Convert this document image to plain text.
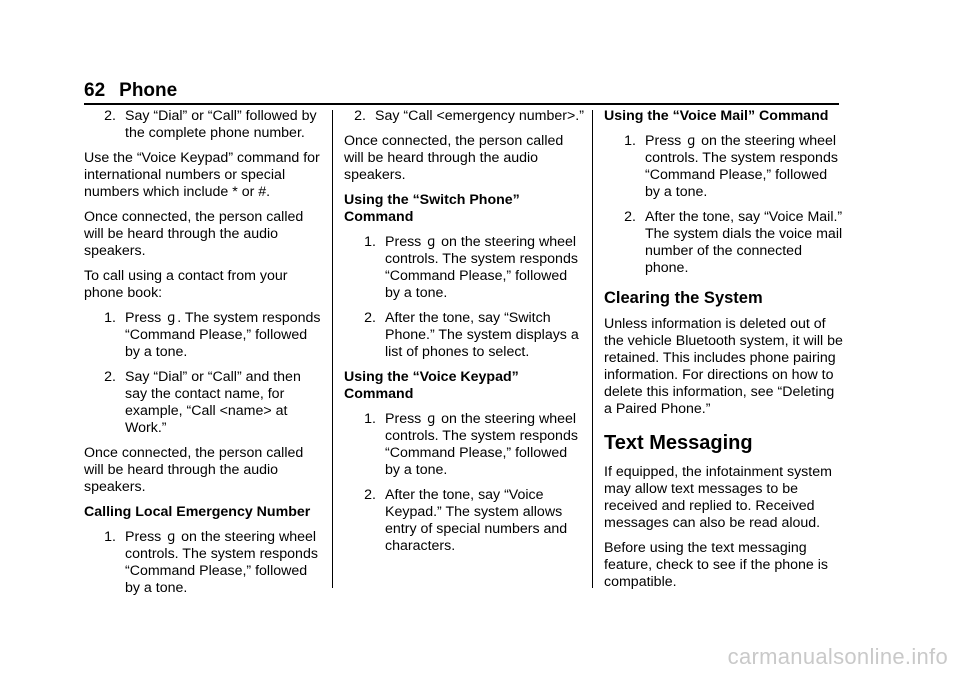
62 Phone
2. Say “Dial” or “Call” followed by the complete phone number.

Use the “Voice Keypad” command for international numbers or special numbers which include * or #.

Once connected, the person called will be heard through the audio speakers.

To call using a contact from your phone book:

1. Press ɡ . The system responds “Command Please,” followed by a tone.
2. Say “Dial” or “Call” and then say the contact name, for example, “Call <name> at Work.”

Once connected, the person called will be heard through the audio speakers.

Calling Local Emergency Number

1. Press ɡ on the steering wheel controls. The system responds “Command Please,” followed by a tone.
2. Say “Call <emergency number>.”

Once connected, the person called will be heard through the audio speakers.

Using the “Switch Phone” Command

1. Press ɡ on the steering wheel controls. The system responds “Command Please,” followed by a tone.
2. After the tone, say “Switch Phone.” The system displays a list of phones to select.

Using the “Voice Keypad” Command

1. Press ɡ on the steering wheel controls. The system responds “Command Please,” followed by a tone.
2. After the tone, say “Voice Keypad.” The system allows entry of special numbers and characters.

Using the “Voice Mail” Command

1. Press ɡ on the steering wheel controls. The system responds “Command Please,” followed by a tone.
2. After the tone, say “Voice Mail.” The system dials the voice mail number of the connected phone.
Clearing the System

Unless information is deleted out of the vehicle Bluetooth system, it will be retained. This includes phone pairing information. For directions on how to delete this information, see “Deleting a Paired Phone.”

Text Messaging

If equipped, the infotainment system may allow text messages to be received and replied to. Received messages can also be read aloud.

Before using the text messaging feature, check to see if the phone is compatible.

carmanualsonline.info
